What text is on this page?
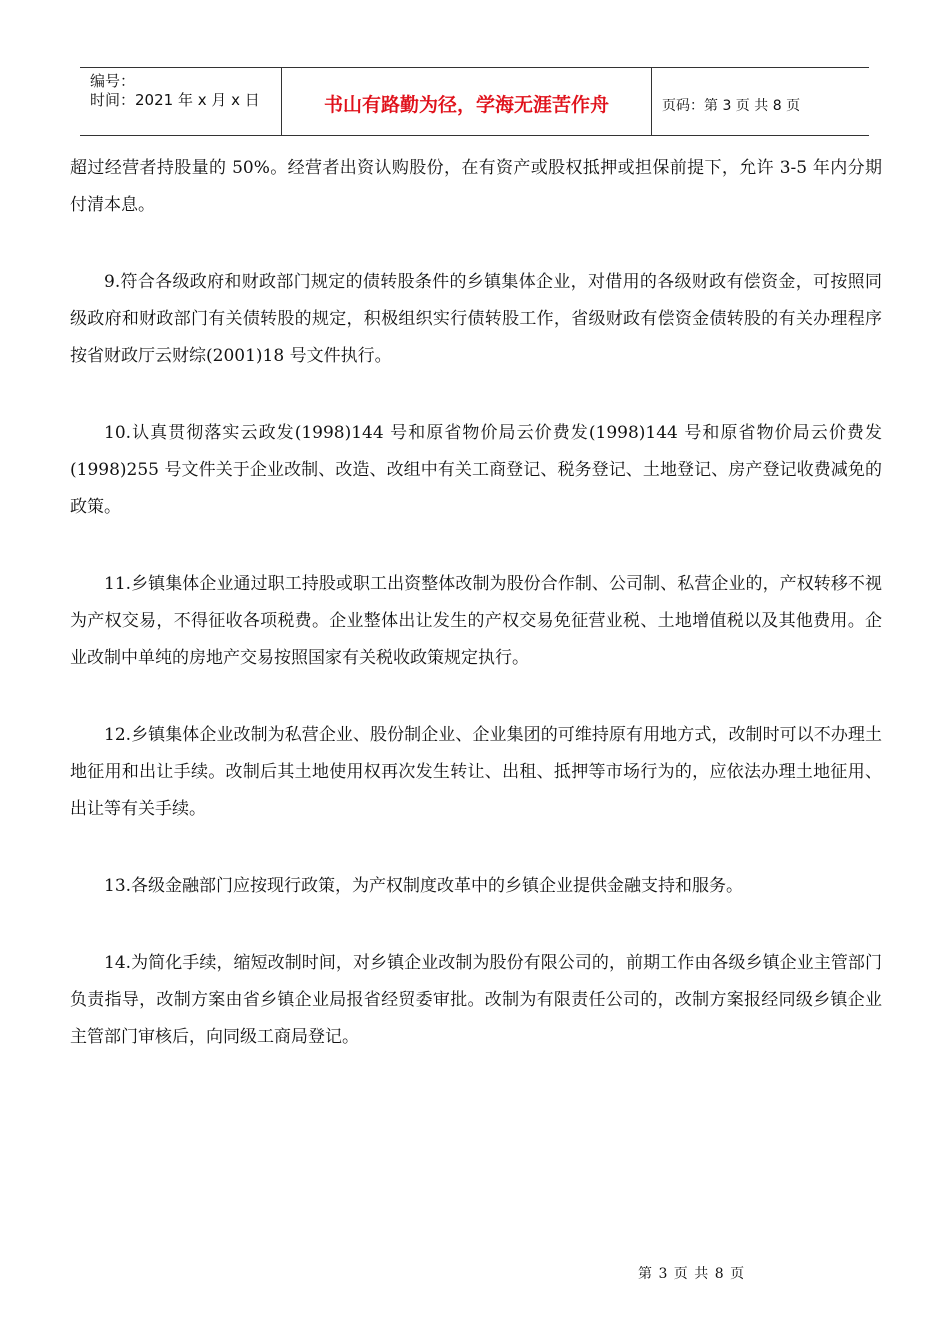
编号：
时间：2021 年 x 月 x 日	书山有路勤为径，学海无涯苦作舟	页码：第 3 页 共 8 页

超过经营者持股量的 50%。经营者出资认购股份，在有资产或股权抵押或担保前提下，允许 3-5 年内分期付清本息。

9.符合各级政府和财政部门规定的债转股条件的乡镇集体企业，对借用的各级财政有偿资金，可按照同级政府和财政部门有关债转股的规定，积极组织实行债转股工作，省级财政有偿资金债转股的有关办理程序按省财政厅云财综(2001)18 号文件执行。

10.认真贯彻落实云政发(1998)144 号和原省物价局云价费发(1998)144 号和原省物价局云价费发(1998)255 号文件关于企业改制、改造、改组中有关工商登记、税务登记、土地登记、房产登记收费减免的政策。

11.乡镇集体企业通过职工持股或职工出资整体改制为股份合作制、公司制、私营企业的，产权转移不视为产权交易，不得征收各项税费。企业整体出让发生的产权交易免征营业税、土地增值税以及其他费用。企业改制中单纯的房地产交易按照国家有关税收政策规定执行。

12.乡镇集体企业改制为私营企业、股份制企业、企业集团的可维持原有用地方式，改制时可以不办理土地征用和出让手续。改制后其土地使用权再次发生转让、出租、抵押等市场行为的，应依法办理土地征用、出让等有关手续。

13.各级金融部门应按现行政策，为产权制度改革中的乡镇企业提供金融支持和服务。

14.为简化手续，缩短改制时间，对乡镇企业改制为股份有限公司的，前期工作由各级乡镇企业主管部门负责指导，改制方案由省乡镇企业局报省经贸委审批。改制为有限责任公司的，改制方案报经同级乡镇企业主管部门审核后，向同级工商局登记。

第 3 页 共 8 页
